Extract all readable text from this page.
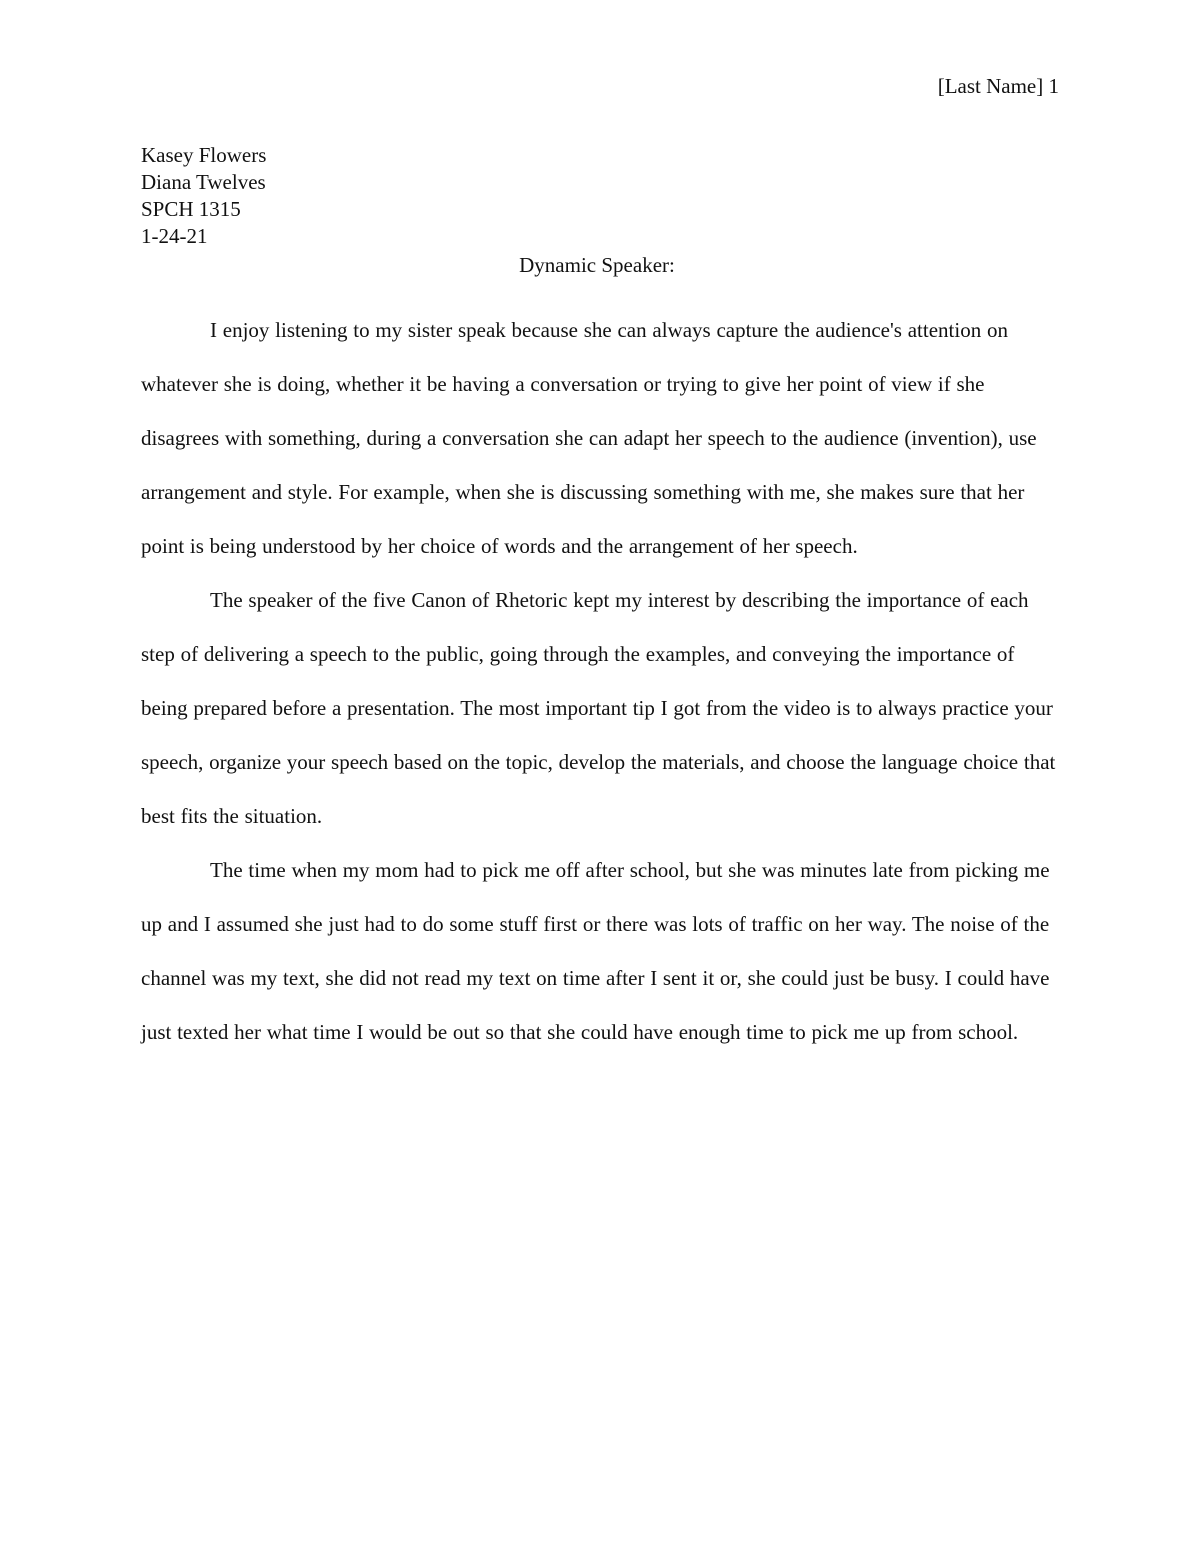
[Last Name] 1
Kasey Flowers
Diana Twelves
SPCH 1315
1-24-21
Dynamic Speaker:

I enjoy listening to my sister speak because she can always capture the audience's attention on whatever she is doing, whether it be having a conversation or trying to give her point of view if she disagrees with something, during a conversation she can adapt her speech to the audience (invention), use arrangement and style. For example, when she is discussing something with me, she makes sure that her point is being understood by her choice of words and the arrangement of her speech.

The speaker of the five Canon of Rhetoric kept my interest by describing the importance of each step of delivering a speech to the public, going through the examples, and conveying the importance of being prepared before a presentation. The most important tip I got from the video is to always practice your speech, organize your speech based on the topic, develop the materials, and choose the language choice that best fits the situation.

The time when my mom had to pick me off after school, but she was minutes late from picking me up and I assumed she just had to do some stuff first or there was lots of traffic on her way. The noise of the channel was my text, she did not read my text on time after I sent it or, she could just be busy. I could have just texted her what time I would be out so that she could have enough time to pick me up from school.
